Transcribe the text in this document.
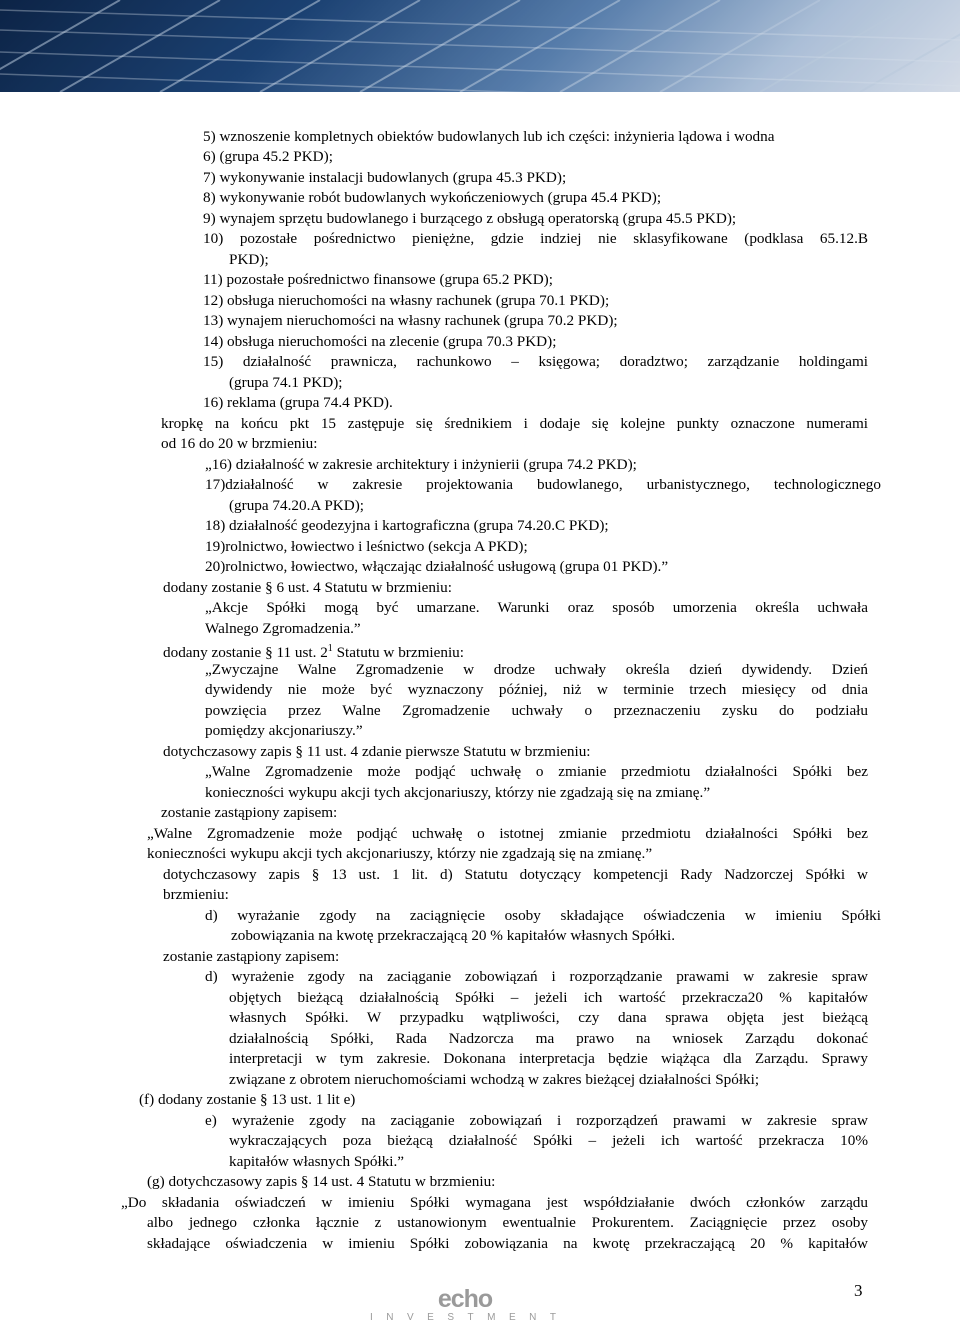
5) wznoszenie kompletnych obiektów budowlanych lub ich części: inżynieria lądowa i wodna
6) (grupa 45.2 PKD);
7) wykonywanie instalacji budowlanych (grupa 45.3 PKD);
8) wykonywanie robót budowlanych wykończeniowych (grupa 45.4 PKD);
9) wynajem sprzętu budowlanego i burzącego z obsługą operatorską (grupa 45.5 PKD);
10) pozostałe pośrednictwo pieniężne, gdzie indziej nie sklasyfikowane (podklasa 65.12.B
PKD);
11) pozostałe pośrednictwo finansowe (grupa 65.2 PKD);
12) obsługa nieruchomości na własny rachunek (grupa 70.1 PKD);
13) wynajem nieruchomości na własny rachunek (grupa 70.2 PKD);
14) obsługa nieruchomości na zlecenie (grupa 70.3 PKD);
15) działalność prawnicza, rachunkowo – księgowa; doradztwo; zarządzanie holdingami
(grupa 74.1 PKD);
16) reklama (grupa 74.4 PKD).
kropkę na końcu pkt 15 zastępuje się średnikiem i dodaje się kolejne punkty oznaczone numerami
od 16 do 20 w brzmieniu:
„16) działalność w zakresie architektury i inżynierii (grupa 74.2 PKD);
17)działalność w zakresie projektowania budowlanego, urbanistycznego, technologicznego
(grupa 74.20.A PKD);
18) działalność geodezyjna i kartograficzna (grupa 74.20.C PKD);
19)rolnictwo, łowiectwo i leśnictwo (sekcja A PKD);
20)rolnictwo, łowiectwo, włączając działalność usługową (grupa 01 PKD).”
dodany zostanie § 6 ust. 4 Statutu w brzmieniu:
„Akcje Spółki mogą być umarzane. Warunki oraz sposób umorzenia określa uchwała
Walnego Zgromadzenia.”
dodany zostanie § 11 ust. $2^1$ Statutu w brzmieniu:
„Zwyczajne Walne Zgromadzenie w drodze uchwały określa dzień dywidendy. Dzień
dywidendy nie może być wyznaczony później, niż w terminie trzech miesięcy od dnia
powzięcia przez Walne Zgromadzenie uchwały o przeznaczeniu zysku do podziału
pomiędzy akcjonariuszy.”
dotychczasowy zapis § 11 ust. 4 zdanie pierwsze Statutu w brzmieniu:
„Walne Zgromadzenie może podjąć uchwałę o zmianie przedmiotu działalności Spółki bez
konieczności wykupu akcji tych akcjonariuszy, którzy nie zgadzają się na zmianę.”
zostanie zastąpiony zapisem:
„Walne Zgromadzenie może podjąć uchwałę o istotnej zmianie przedmiotu działalności Spółki bez
konieczności wykupu akcji tych akcjonariuszy, którzy nie zgadzają się na zmianę.”
dotychczasowy zapis § 13 ust. 1 lit. d) Statutu dotyczący kompetencji Rady Nadzorczej Spółki w
brzmieniu:
d) wyrażanie zgody na zaciągnięcie osoby składające oświadczenia w imieniu Spółki
zobowiązania na kwotę przekraczającą 20 % kapitałów własnych Spółki.
zostanie zastąpiony zapisem:
d) wyrażenie zgody na zaciąganie zobowiązań i rozporządzanie prawami w zakresie spraw
objętych bieżącą działalnością Spółki – jeżeli ich wartość przekracza20 % kapitałów
własnych Spółki. W przypadku wątpliwości, czy dana sprawa objęta jest bieżącą
działalnością Spółki, Rada Nadzorcza ma prawo na wniosek Zarządu dokonać
interpretacji w tym zakresie. Dokonana interpretacja będzie wiążąca dla Zarządu. Sprawy
związane z obrotem nieruchomościami wchodzą w zakres bieżącej działalności Spółki;
(f) dodany zostanie § 13 ust. 1 lit e)
e) wyrażenie zgody na zaciąganie zobowiązań i rozporządzeń prawami w zakresie spraw
wykraczających poza bieżącą działalność Spółki – jeżeli ich wartość przekracza 10%
kapitałów własnych Spółki.”
(g) dotychczasowy zapis § 14 ust. 4 Statutu w brzmieniu:
„Do składania oświadczeń w imieniu Spółki wymagana jest współdziałanie dwóch członków zarządu
albo jednego członka łącznie z ustanowionym ewentualnie Prokurentem. Zaciągnięcie przez osoby
składające oświadczenia w imieniu Spółki zobowiązania na kwotę przekraczającą 20 % kapitałów
3
echo
INVESTMENT
